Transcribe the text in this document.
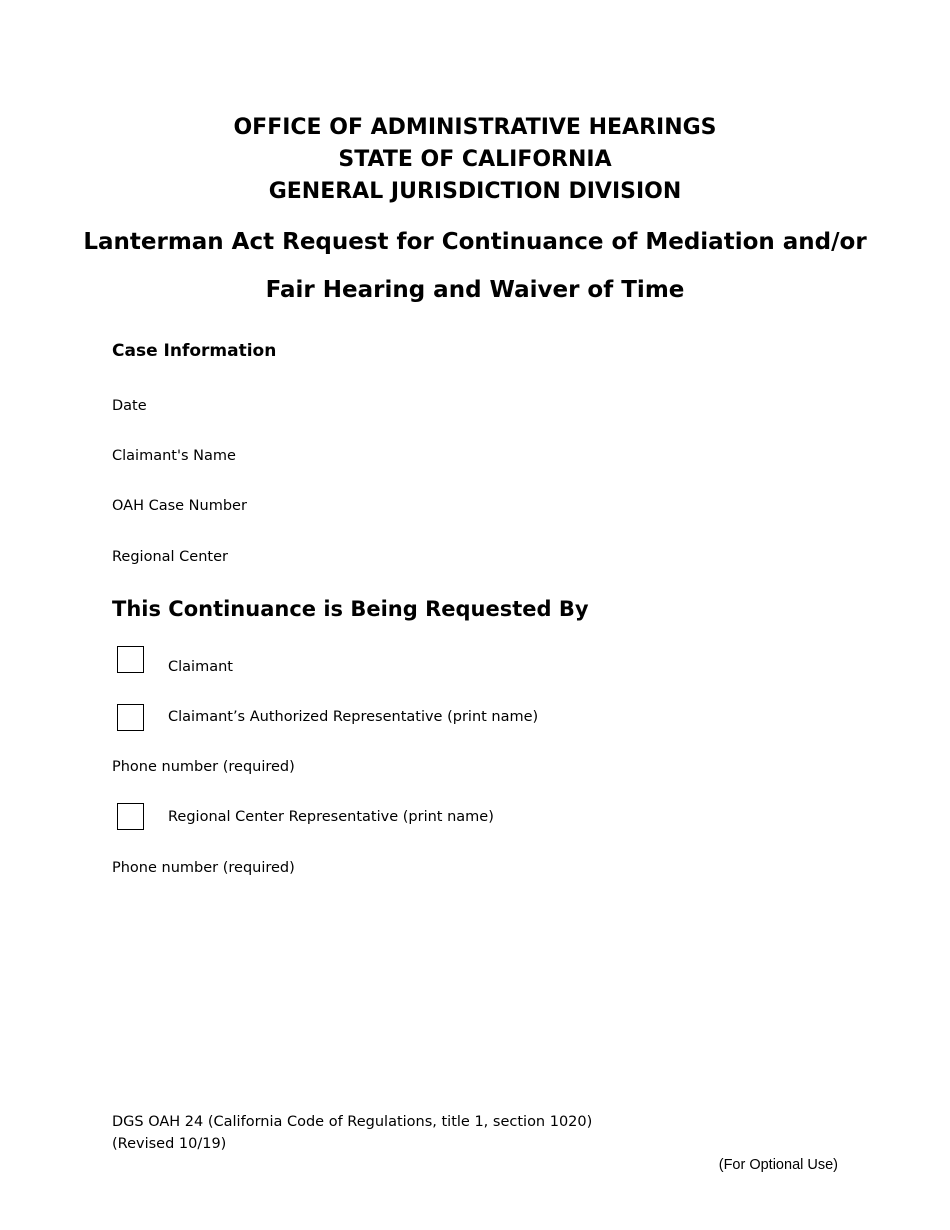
OFFICE OF ADMINISTRATIVE HEARINGS
STATE OF CALIFORNIA
GENERAL JURISDICTION DIVISION
Lanterman Act Request for Continuance of Mediation and/or
Fair Hearing and Waiver of Time
Case Information
Date
Claimant's Name
OAH Case Number
Regional Center
This Continuance is Being Requested By
Claimant
Claimant’s Authorized Representative (print name)
Phone number (required)
Regional Center Representative (print name)
Phone number (required)
DGS OAH 24 (California Code of Regulations, title 1, section 1020)
(Revised 10/19)
(For Optional Use)
